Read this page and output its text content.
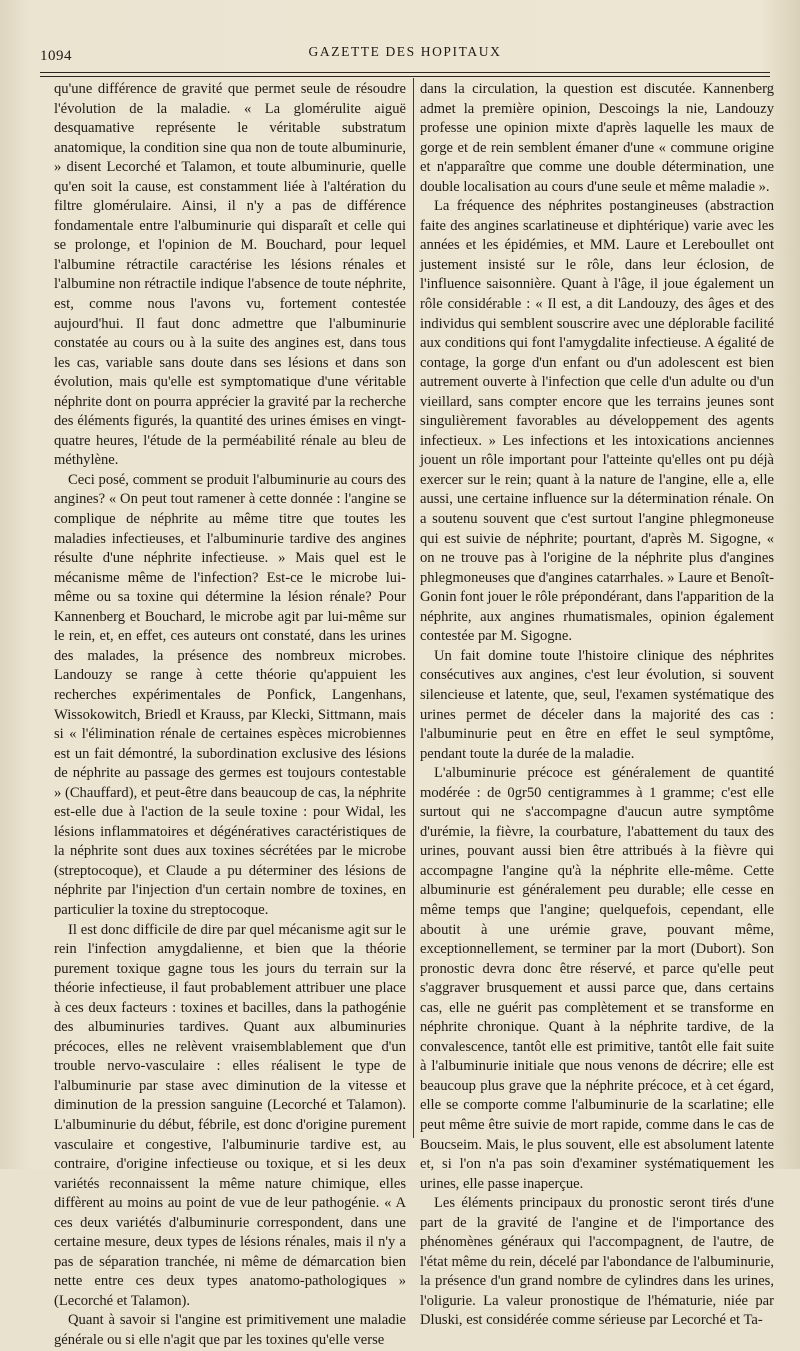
1094	GAZETTE DES HOPITAUX

qu'une différence de gravité que permet seule de résoudre l'évolution de la maladie. « La glomérulite aiguë desquamative représente le véritable substratum anatomique, la condition sine qua non de toute albuminurie, » disent Lecorché et Talamon, et toute albuminurie, quelle qu'en soit la cause, est constamment liée à l'altération du filtre glomérulaire. Ainsi, il n'y a pas de différence fondamentale entre l'albuminurie qui disparaît et celle qui se prolonge, et l'opinion de M. Bouchard, pour lequel l'albumine rétractile caractérise les lésions rénales et l'albumine non rétractile indique l'absence de toute néphrite, est, comme nous l'avons vu, fortement contestée aujourd'hui. Il faut donc admettre que l'albuminurie constatée au cours ou à la suite des angines est, dans tous les cas, variable sans doute dans ses lésions et dans son évolution, mais qu'elle est symptomatique d'une véritable néphrite dont on pourra apprécier la gravité par la recherche des éléments figurés, la quantité des urines émises en vingt-quatre heures, l'étude de la perméabilité rénale au bleu de méthylène.

Ceci posé, comment se produit l'albuminurie au cours des angines? « On peut tout ramener à cette donnée : l'angine se complique de néphrite au même titre que toutes les maladies infectieuses, et l'albuminurie tardive des angines résulte d'une néphrite infectieuse. » Mais quel est le mécanisme même de l'infection? Est-ce le microbe lui-même ou sa toxine qui détermine la lésion rénale? Pour Kannenberg et Bouchard, le microbe agit par lui-même sur le rein, et, en effet, ces auteurs ont constaté, dans les urines des malades, la présence des nombreux microbes. Landouzy se range à cette théorie qu'appuient les recherches expérimentales de Ponfick, Langenhans, Wissokowitch, Briedl et Krauss, par Klecki, Sittmann, mais si « l'élimination rénale de certaines espèces microbiennes est un fait démontré, la subordination exclusive des lésions de néphrite au passage des germes est toujours contestable » (Chauffard), et peut-être dans beaucoup de cas, la néphrite est-elle due à l'action de la seule toxine : pour Widal, les lésions inflammatoires et dégénératives caractéristiques de la néphrite sont dues aux toxines sécrétées par le microbe (streptocoque), et Claude a pu déterminer des lésions de néphrite par l'injection d'un certain nombre de toxines, en particulier la toxine du streptocoque.

Il est donc difficile de dire par quel mécanisme agit sur le rein l'infection amygdalienne, et bien que la théorie purement toxique gagne tous les jours du terrain sur la théorie infectieuse, il faut probablement attribuer une place à ces deux facteurs : toxines et bacilles, dans la pathogénie des albuminuries tardives. Quant aux albuminuries précoces, elles ne relèvent vraisemblablement que d'un trouble nervo-vasculaire : elles réalisent le type de l'albuminurie par stase avec diminution de la vitesse et diminution de la pression sanguine (Lecorché et Talamon). L'albuminurie du début, fébrile, est donc d'origine purement vasculaire et congestive, l'albuminurie tardive est, au contraire, d'origine infectieuse ou toxique, et si les deux variétés reconnaissent la même nature chimique, elles diffèrent au moins au point de vue de leur pathogénie. « A ces deux variétés d'albuminurie correspondent, dans une certaine mesure, deux types de lésions rénales, mais il n'y a pas de séparation tranchée, ni même de démarcation bien nette entre ces deux types anatomo-pathologiques » (Lecorché et Talamon).

Quant à savoir si l'angine est primitivement une maladie générale ou si elle n'agit que par les toxines qu'elle verse

dans la circulation, la question est discutée. Kannenberg admet la première opinion, Descoings la nie, Landouzy professe une opinion mixte d'après laquelle les maux de gorge et de rein semblent émaner d'une « commune origine et n'apparaître que comme une double détermination, une double localisation au cours d'une seule et même maladie ».

La fréquence des néphrites postangineuses (abstraction faite des angines scarlatineuse et diphtérique) varie avec les années et les épidémies, et MM. Laure et Lereboullet ont justement insisté sur le rôle, dans leur éclosion, de l'influence saisonnière. Quant à l'âge, il joue également un rôle considérable : « Il est, a dit Landouzy, des âges et des individus qui semblent souscrire avec une déplorable facilité aux conditions qui font l'amygdalite infectieuse. A égalité de contage, la gorge d'un enfant ou d'un adolescent est bien autrement ouverte à l'infection que celle d'un adulte ou d'un vieillard, sans compter encore que les terrains jeunes sont singulièrement favorables au développement des agents infectieux. » Les infections et les intoxications anciennes jouent un rôle important pour l'atteinte qu'elles ont pu déjà exercer sur le rein; quant à la nature de l'angine, elle a, elle aussi, une certaine influence sur la détermination rénale. On a soutenu souvent que c'est surtout l'angine phlegmoneuse qui est suivie de néphrite; pourtant, d'après M. Sigogne, « on ne trouve pas à l'origine de la néphrite plus d'angines phlegmoneuses que d'angines catarrhales. » Laure et Benoît-Gonin font jouer le rôle prépondérant, dans l'apparition de la néphrite, aux angines rhumatismales, opinion également contestée par M. Sigogne.

Un fait domine toute l'histoire clinique des néphrites consécutives aux angines, c'est leur évolution, si souvent silencieuse et latente, que, seul, l'examen systématique des urines permet de déceler dans la majorité des cas : l'albuminurie peut en être en effet le seul symptôme, pendant toute la durée de la maladie.

L'albuminurie précoce est généralement de quantité modérée : de 0gr50 centigrammes à 1 gramme; c'est elle surtout qui ne s'accompagne d'aucun autre symptôme d'urémie, la fièvre, la courbature, l'abattement du taux des urines, pouvant aussi bien être attribués à la fièvre qui accompagne l'angine qu'à la néphrite elle-même. Cette albuminurie est généralement peu durable; elle cesse en même temps que l'angine; quelquefois, cependant, elle aboutit à une urémie grave, pouvant même, exceptionnellement, se terminer par la mort (Dubort). Son pronostic devra donc être réservé, et parce qu'elle peut s'aggraver brusquement et aussi parce que, dans certains cas, elle ne guérit pas complètement et se transforme en néphrite chronique. Quant à la néphrite tardive, de la convalescence, tantôt elle est primitive, tantôt elle fait suite à l'albuminurie initiale que nous venons de décrire; elle est beaucoup plus grave que la néphrite précoce, et à cet égard, elle se comporte comme l'albuminurie de la scarlatine; elle peut même être suivie de mort rapide, comme dans le cas de Boucseim. Mais, le plus souvent, elle est absolument latente et, si l'on n'a pas soin d'examiner systématiquement les urines, elle passe inaperçue.

Les éléments principaux du pronostic seront tirés d'une part de la gravité de l'angine et de l'importance des phénomènes généraux qui l'accompagnent, de l'autre, de l'état même du rein, décelé par l'abondance de l'albuminurie, la présence d'un grand nombre de cylindres dans les urines, l'oligurie. La valeur pronostique de l'hématurie, niée par Dluski, est considérée comme sérieuse par Lecorché et Ta-
